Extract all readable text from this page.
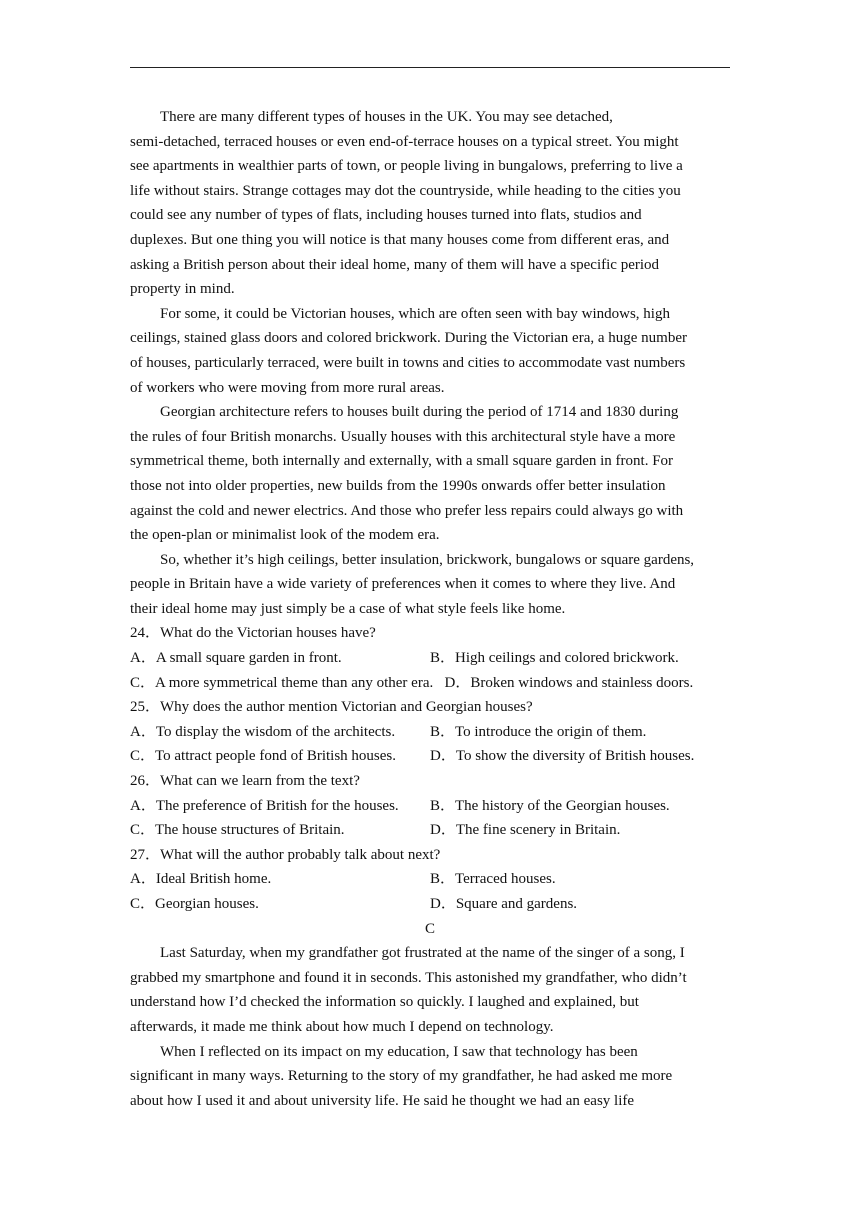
There are many different types of houses in the UK. You may see detached,
semi-detached, terraced houses or even end-of-terrace houses on a typical street. You might
see apartments in wealthier parts of town, or people living in bungalows, preferring to live a
life without stairs. Strange cottages may dot the countryside, while heading to the cities you
could see any number of types of flats, including houses turned into flats, studios and
duplexes. But one thing you will notice is that many houses come from different eras, and
asking a British person about their ideal home, many of them will have a specific period
property in mind.
For some, it could be Victorian houses, which are often seen with bay windows, high
ceilings, stained glass doors and colored brickwork. During the Victorian era, a huge number
of houses, particularly terraced, were built in towns and cities to accommodate vast numbers
of workers who were moving from more rural areas.
Georgian architecture refers to houses built during the period of 1714 and 1830 during
the rules of four British monarchs. Usually houses with this architectural style have a more
symmetrical theme, both internally and externally, with a small square garden in front. For
those not into older properties, new builds from the 1990s onwards offer better insulation
against the cold and newer electrics. And those who prefer less repairs could always go with
the open-plan or minimalist look of the modem era.
So, whether it’s high ceilings, better insulation, brickwork, bungalows or square gardens,
people in Britain have a wide variety of preferences when it comes to where they live. And
their ideal home may just simply be a case of what style feels like home.
24．What do the Victorian houses have?
A．A small square garden in front.	B．High ceilings and colored brickwork.
C．A more symmetrical theme than any other era. D．Broken windows and stainless doors.
25．Why does the author mention Victorian and Georgian houses?
A．To display the wisdom of the architects. B．To introduce the origin of them.
C．To attract people fond of British houses. D．To show the diversity of British houses.
26．What can we learn from the text?
A．The preference of British for the houses. B．The history of the Georgian houses.
C．The house structures of Britain.	D．The fine scenery in Britain.
27．What will the author probably talk about next?
A．Ideal British home.	B．Terraced houses.
C．Georgian houses.	D．Square and gardens.
C
Last Saturday, when my grandfather got frustrated at the name of the singer of a song, I
grabbed my smartphone and found it in seconds. This astonished my grandfather, who didn’t
understand how I’d checked the information so quickly. I laughed and explained, but
afterwards, it made me think about how much I depend on technology.
When I reflected on its impact on my education, I saw that technology has been
significant in many ways. Returning to the story of my grandfather, he had asked me more
about how I used it and about university life. He said he thought we had an easy life
